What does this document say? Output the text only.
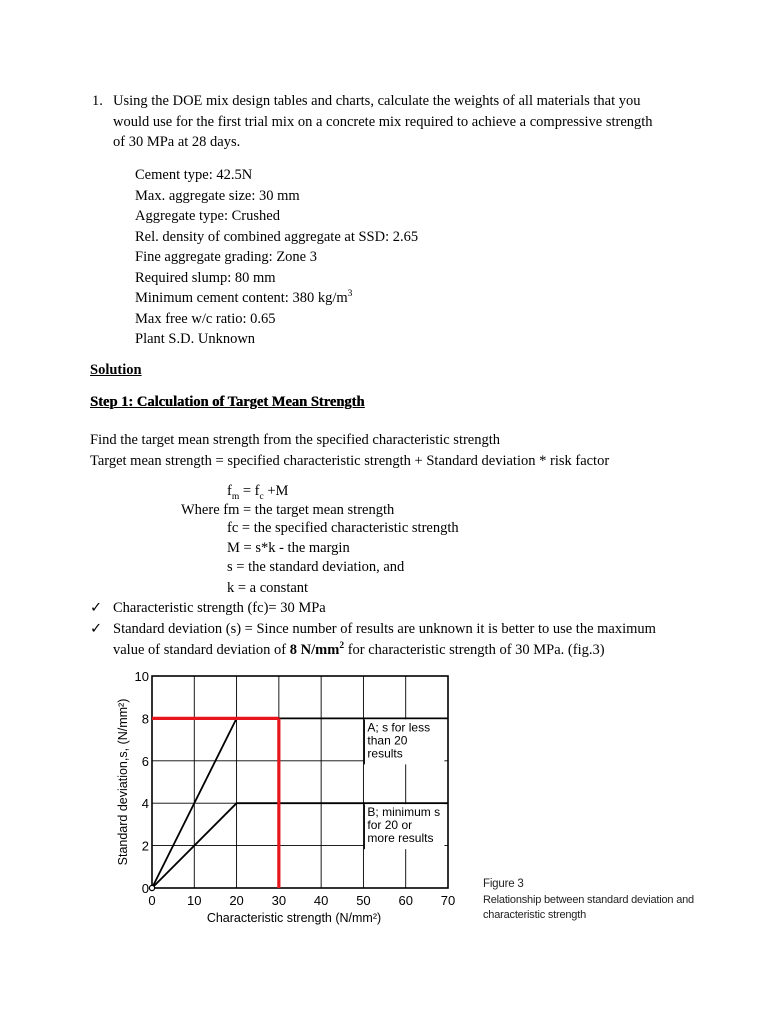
1. Using the DOE mix design tables and charts, calculate the weights of all materials that you
would use for the first trial mix on a concrete mix required to achieve a compressive strength
of 30 MPa at 28 days.
Cement type: 42.5N
Max. aggregate size: 30 mm
Aggregate type: Crushed
Rel. density of combined aggregate at SSD: 2.65
Fine aggregate grading: Zone 3
Required slump: 80 mm
Minimum cement content: 380 $kg/m^3$
Max free w/c ratio: 0.65
Plant S.D. Unknown
Solution
Step 1: Calculation of Target Mean Strength
Find the target mean strength from the specified characteristic strength
Target mean strength = specified characteristic strength + Standard deviation * risk factor
$f_m = f_c +M$
Where fm = the target mean strength
fc = the specified characteristic strength
M = s*k - the margin
s = the standard deviation, and
k = a constant
✓ Characteristic strength (fc)= 30 MPa
✓ Standard deviation (s) = Since number of results are unknown it is better to use the maximum
value of standard deviation of 8 $N/mm^2$ for characteristic strength of 30 MPa. (fig.3)
0 10 20 30 40 50 60 70
0
2
4
6
8
10
A; s for less
than 20
results
B; minimum s
for 20 or
more results
Characteristic strength (N/mm²)
Standard deviation,s, (N/mm²)
Figure 3
Relationship between standard deviation and
characteristic strength
